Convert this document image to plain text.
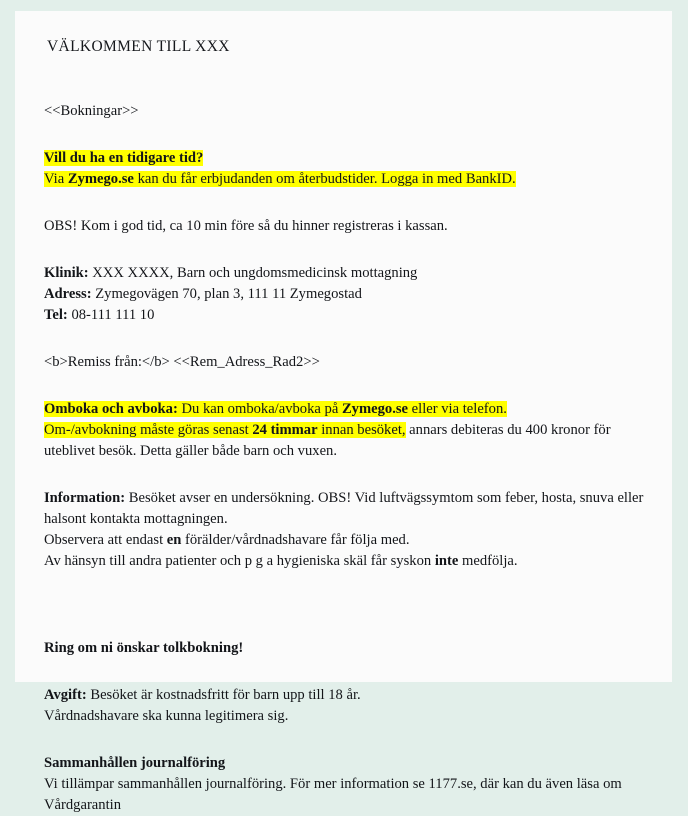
VÄLKOMMEN TILL XXX

<<Bokningar>>

Vill du ha en tidigare tid?

Via Zymego.se kan du får erbjudanden om återbudstider. Logga in med BankID.

OBS! Kom i god tid, ca 10 min före så du hinner registreras i kassan.

Klinik: XXX XXXX, Barn och ungdomsmedicinsk mottagning

Adress: Zymegovägen 70, plan 3, 111 11 Zymegostad

Tel: 08-111 111 10

<b>Remiss från:</b> <<Rem_Adress_Rad2>>

Omboka och avboka: Du kan omboka/avboka på Zymego.se eller via telefon.

Om-/avbokning måste göras senast 24 timmar innan besöket, annars debiteras du 400 kronor för

uteblivet besök. Detta gäller både barn och vuxen.

Information: Besöket avser en undersökning. OBS! Vid luftvägssymtom som feber, hosta, snuva eller halsont kontakta mottagningen.

Observera att endast en förälder/vårdnadshavare får följa med.

Av hänsyn till andra patienter och p g a hygieniska skäl får syskon inte medfölja.

Ring om ni önskar tolkbokning!

Avgift: Besöket är kostnadsfritt för barn upp till 18 år.

Vårdnadshavare ska kunna legitimera sig.

Sammanhållen journalföring

Vi tillämpar sammanhållen journalföring. För mer information se 1177.se, där kan du även läsa om Vårdgarantin
